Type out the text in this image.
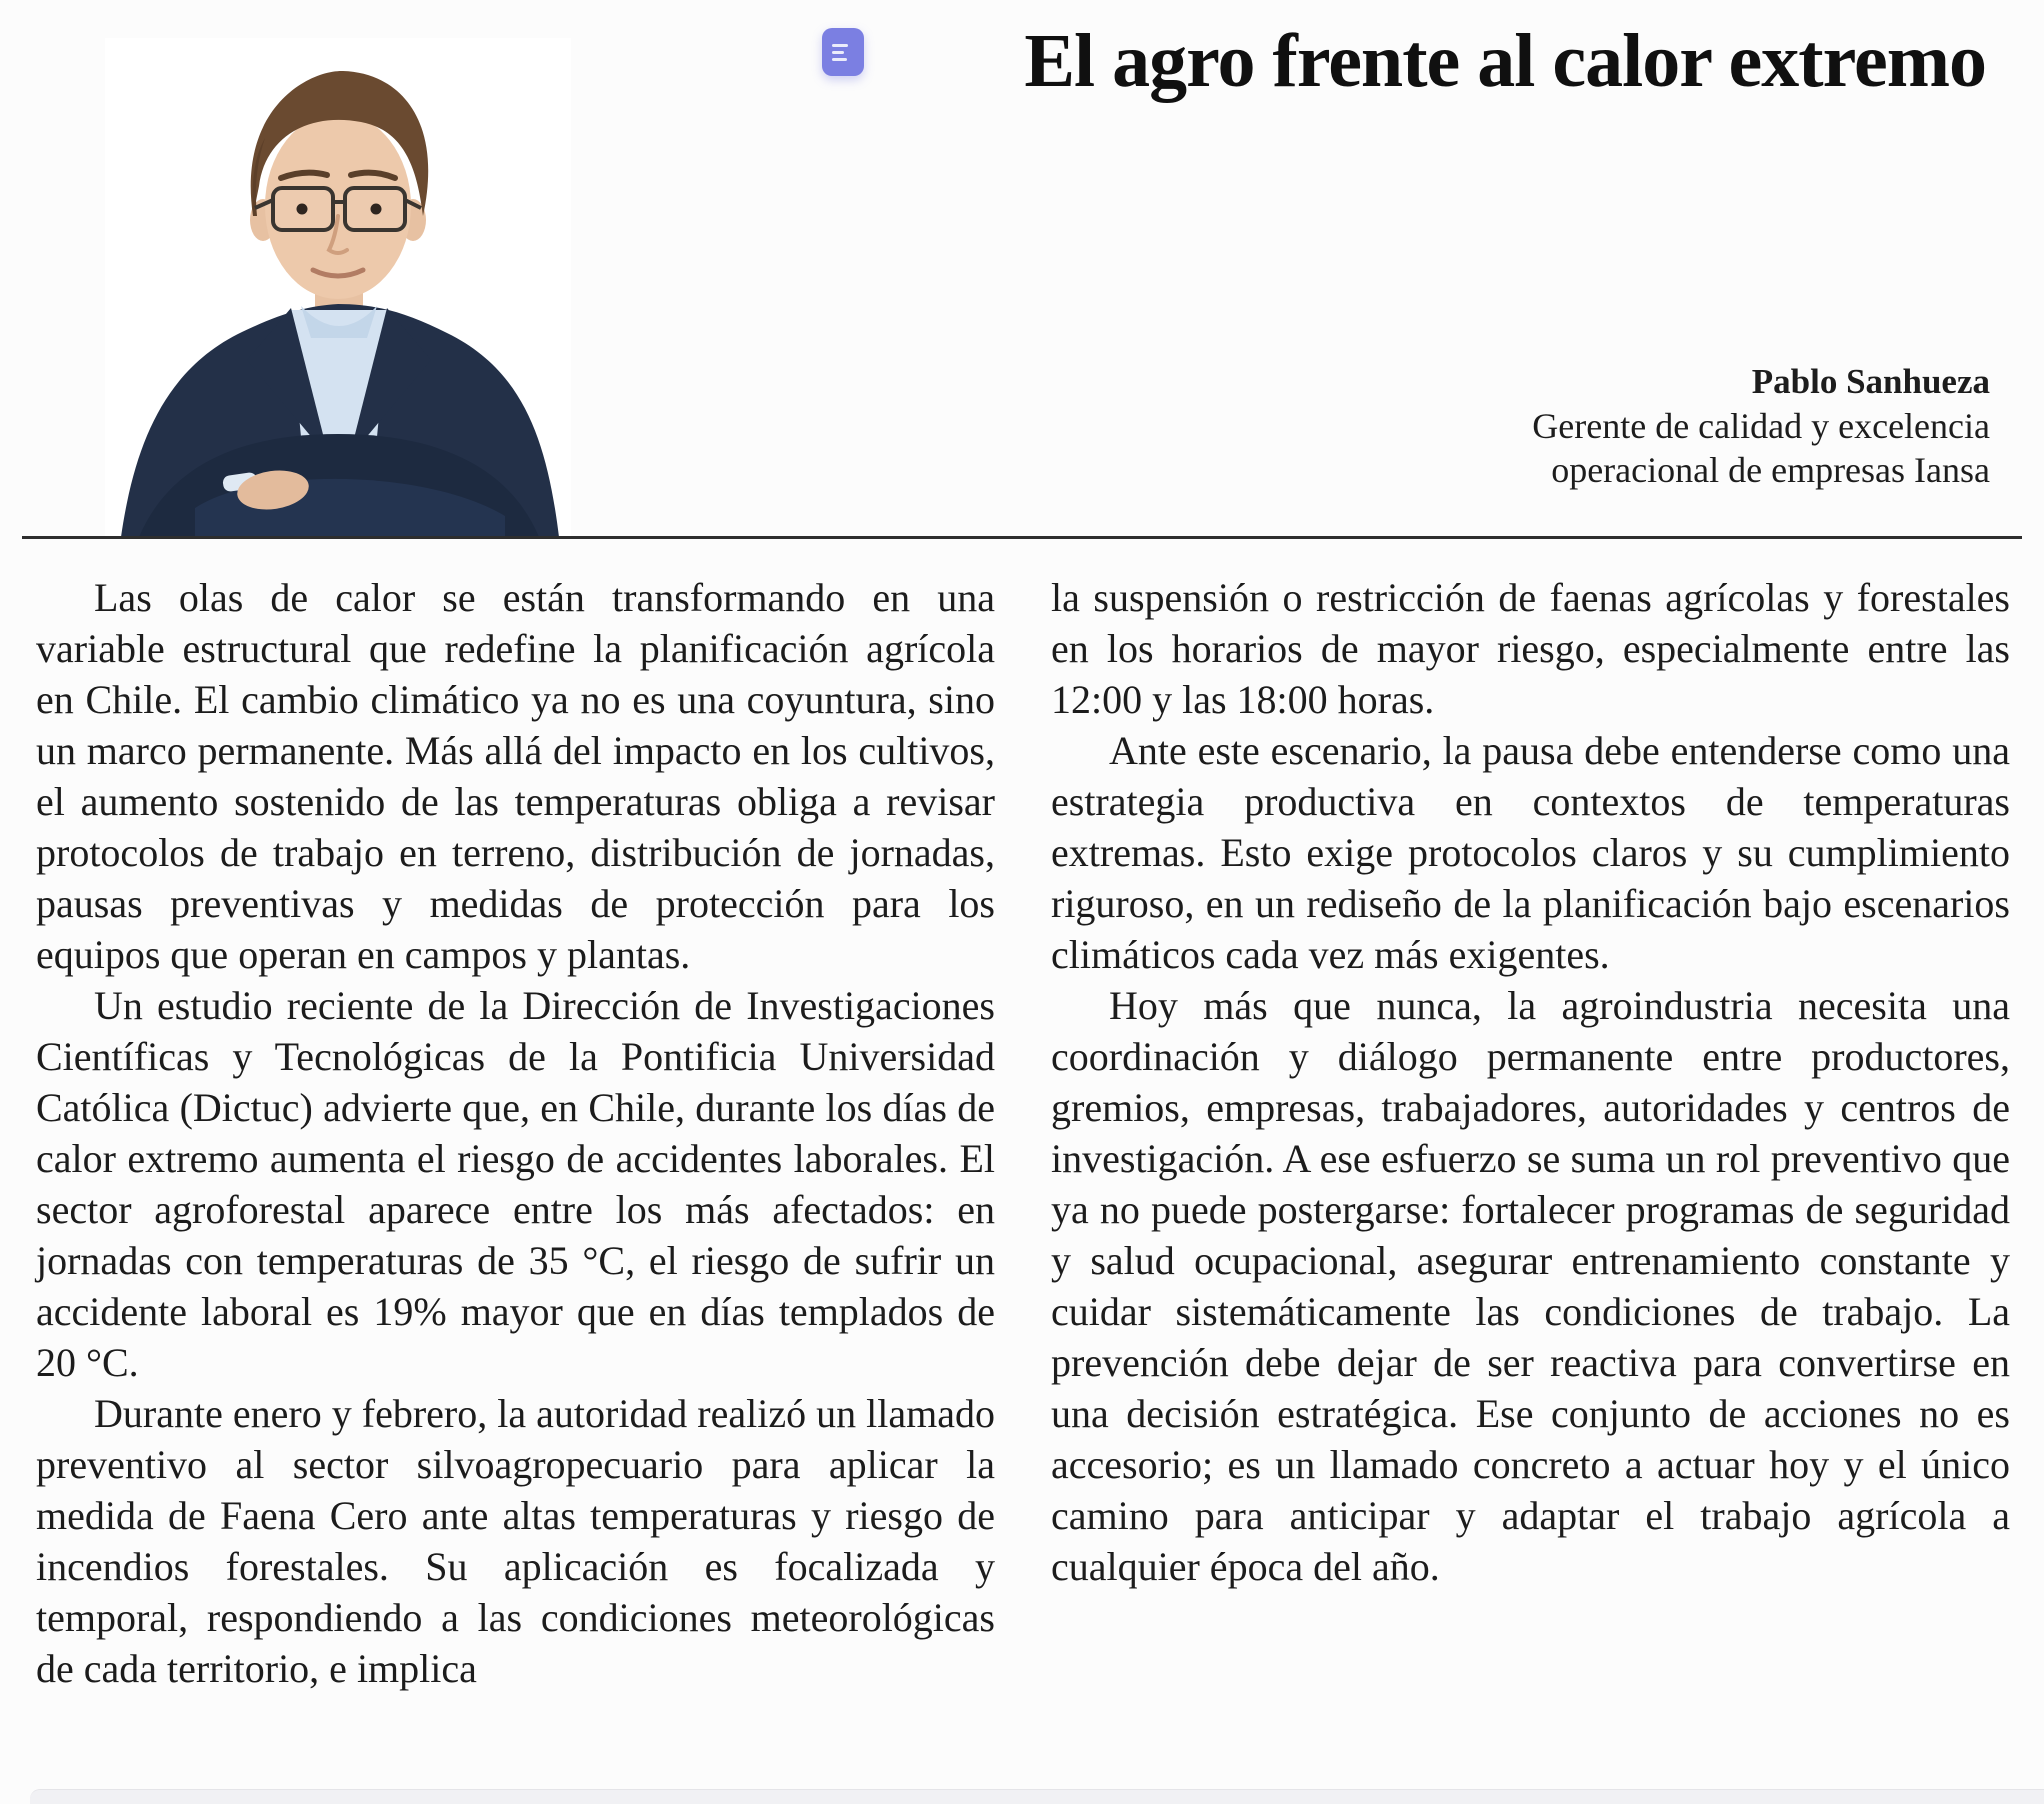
El agro frente al calor extremo
Pablo Sanhueza
Gerente de calidad y excelencia
operacional de empresas Iansa

Las olas de calor se están transformando en una variable estructural que redefine la planificación agrícola en Chile. El cambio climático ya no es una coyuntura, sino un marco permanente. Más allá del impacto en los cultivos, el aumento sostenido de las temperaturas obliga a revisar protocolos de trabajo en terreno, distribución de jornadas, pausas preventivas y medidas de protección para los equipos que operan en campos y plantas.

Un estudio reciente de la Dirección de Investigaciones Científicas y Tecnológicas de la Pontificia Universidad Católica (Dictuc) advierte que, en Chile, durante los días de calor extremo aumenta el riesgo de accidentes laborales. El sector agroforestal aparece entre los más afectados: en jornadas con temperaturas de 35 °C, el riesgo de sufrir un accidente laboral es 19% mayor que en días templados de 20 °C.

Durante enero y febrero, la autoridad realizó un llamado preventivo al sector silvoagropecuario para aplicar la medida de Faena Cero ante altas temperaturas y riesgo de incendios forestales. Su aplicación es focalizada y temporal, respondiendo a las condiciones meteorológicas de cada territorio, e implica

la suspensión o restricción de faenas agrícolas y forestales en los horarios de mayor riesgo, especialmente entre las 12:00 y las 18:00 horas.

Ante este escenario, la pausa debe entenderse como una estrategia productiva en contextos de temperaturas extremas. Esto exige protocolos claros y su cumplimiento riguroso, en un rediseño de la planificación bajo escenarios climáticos cada vez más exigentes.

Hoy más que nunca, la agroindustria necesita una coordinación y diálogo permanente entre productores, gremios, empresas, trabajadores, autoridades y centros de investigación. A ese esfuerzo se suma un rol preventivo que ya no puede postergarse: fortalecer programas de seguridad y salud ocupacional, asegurar entrenamiento constante y cuidar sistemáticamente las condiciones de trabajo. La prevención debe dejar de ser reactiva para convertirse en una decisión estratégica. Ese conjunto de acciones no es accesorio; es un llamado concreto a actuar hoy y el único camino para anticipar y adaptar el trabajo agrícola a cualquier época del año.
